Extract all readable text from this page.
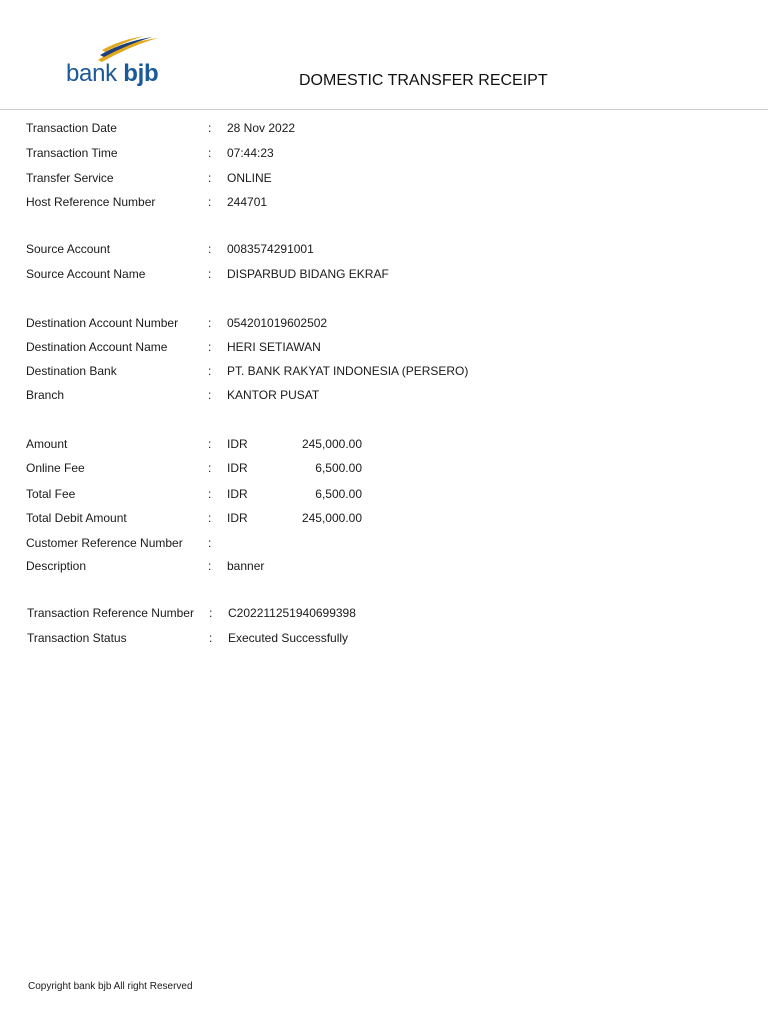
bank bjb	DOMESTIC TRANSFER RECEIPT
Transaction Date	: 28 Nov 2022
Transaction Time	: 07:44:23
Transfer Service	: ONLINE
Host Reference Number	: 244701
Source Account	: 0083574291001
Source Account Name	: DISPARBUD BIDANG EKRAF
Destination Account Number : 054201019602502
Destination Account Name	: HERI SETIAWAN
Destination Bank	: PT. BANK RAKYAT INDONESIA (PERSERO)
Branch	: KANTOR PUSAT
Amount	: IDR	245,000.00
Online Fee	: IDR	6,500.00
Total Fee	: IDR	6,500.00
Total Debit Amount	: IDR	245,000.00
Customer Reference Number :
Description	: banner
Transaction Reference Number : C202211251940699398
Transaction Status	: Executed Successfully
Copyright bank bjb All right Reserved
